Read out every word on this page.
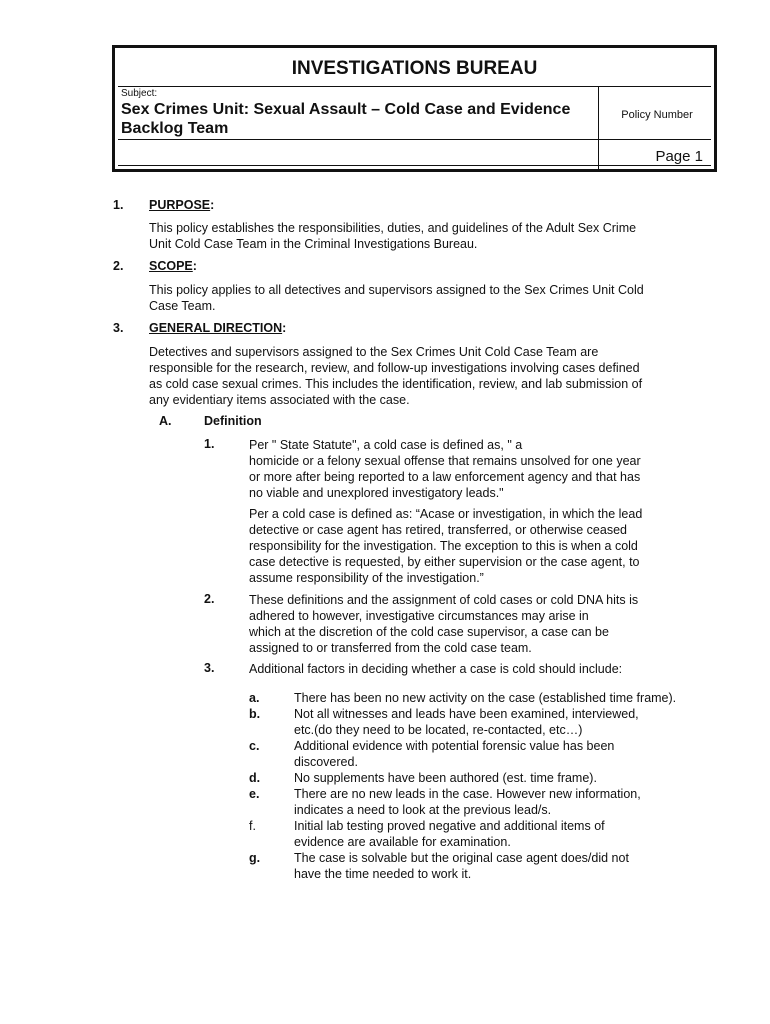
INVESTIGATIONS BUREAU
Subject:
Sex Crimes Unit: Sexual Assault – Cold Case and Evidence
Backlog Team
Policy Number
Page 1
1. PURPOSE:
This policy establishes the responsibilities, duties, and guidelines of the Adult Sex Crime
Unit Cold Case Team in the Criminal Investigations Bureau.
2. SCOPE:
This policy applies to all detectives and supervisors assigned to the Sex Crimes Unit Cold
Case Team.
3. GENERAL DIRECTION:
Detectives and supervisors assigned to the Sex Crimes Unit Cold Case Team are
responsible for the research, review, and follow-up investigations involving cases defined
as cold case sexual crimes. This includes the identification, review, and lab submission of
any evidentiary items associated with the case.
A.	Definition
1.	Per " State Statute", a cold case is defined as, " a
homicide or a felony sexual offense that remains unsolved for one year
or more after being reported to a law enforcement agency and that has
no viable and unexplored investigatory leads."
Per a cold case is defined as: “Acase or investigation, in which the lead
detective or case agent has retired, transferred, or otherwise ceased
responsibility for the investigation. The exception to this is when a cold
case detective is requested, by either supervision or the case agent, to
assume responsibility of the investigation.”
2.	These definitions and the assignment of cold cases or cold DNA hits is
adhered to however, investigative circumstances may arise in
which at the discretion of the cold case supervisor, a case can be
assigned to or transferred from the cold case team.
3.	Additional factors in deciding whether a case is cold should include:
a.	There has been no new activity on the case (established time frame).
b.	Not all witnesses and leads have been examined, interviewed,
etc.(do they need to be located, re-contacted, etc…)
c.	Additional evidence with potential forensic value has been
discovered.
d.	No supplements have been authored (est. time frame).
e.	There are no new leads in the case. However new information,
indicates a need to look at the previous lead/s.
f.	Initial lab testing proved negative and additional items of
evidence are available for examination.
g.	The case is solvable but the original case agent does/did not
have the time needed to work it.
